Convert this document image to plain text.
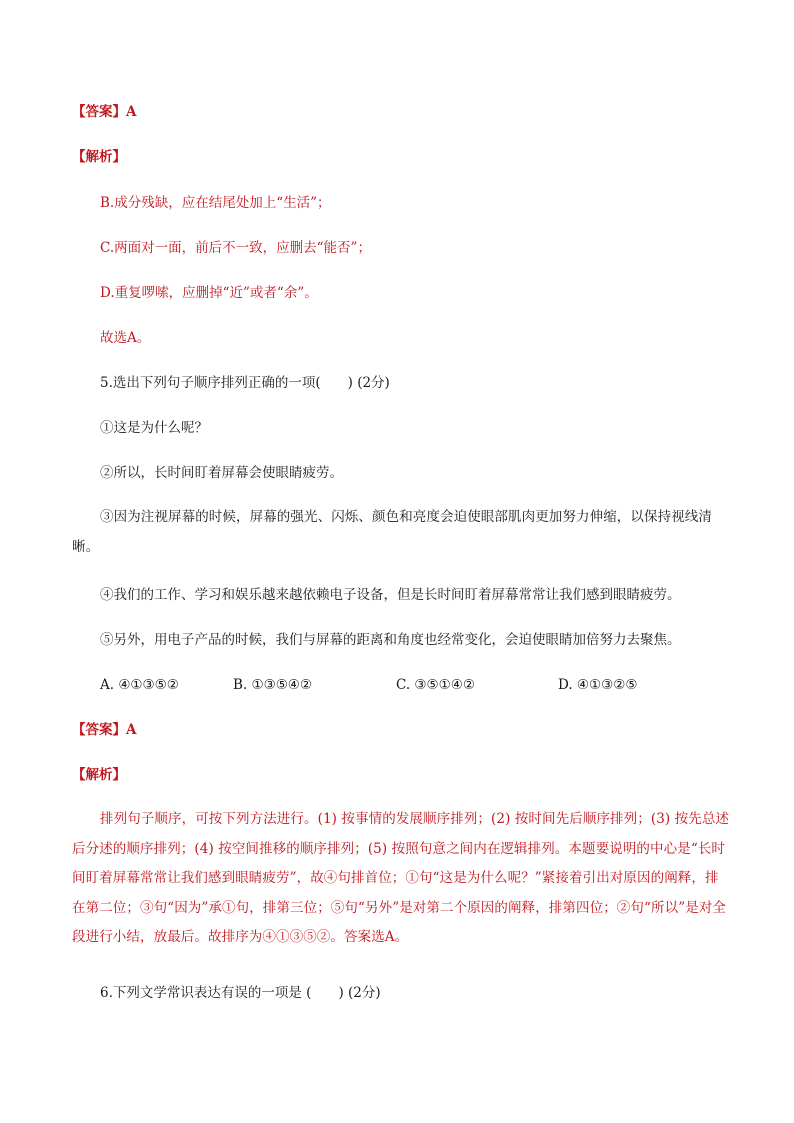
【答案】A
【解析】
B.成分残缺，应在结尾处加上“生活”；
C.两面对一面，前后不一致，应删去“能否”；
D.重复啰嗦，应删掉“近”或者“余”。
故选A。
5.选出下列句子顺序排列正确的一项(　　) (2分)
①这是为什么呢？
②所以，长时间盯着屏幕会使眼睛疲劳。
③因为注视屏幕的时候，屏幕的强光、闪烁、颜色和亮度会迫使眼部肌肉更加努力伸缩，以保持视线清晰。
④我们的工作、学习和娱乐越来越依赖电子设备，但是长时间盯着屏幕常常让我们感到眼睛疲劳。
⑤另外，用电子产品的时候，我们与屏幕的距离和角度也经常变化，会迫使眼睛加倍努力去聚焦。
A. ④①③⑤②	B. ①③⑤④②	C. ③⑤①④②	D. ④①③②⑤
【答案】A
【解析】
排列句子顺序，可按下列方法进行。(1) 按事情的发展顺序排列；(2) 按时间先后顺序排列；(3) 按先总述后分述的顺序排列；(4) 按空间推移的顺序排列；(5) 按照句意之间内在逻辑排列。本题要说明的中心是“长时间盯着屏幕常常让我们感到眼睛疲劳”，故④句排首位；①句“这是为什么呢？”紧接着引出对原因的阐释，排在第二位；③句“因为”承①句，排第三位；⑤句“另外”是对第二个原因的阐释，排第四位；②句“所以”是对全段进行小结，放最后。故排序为④①③⑤②。答案选A。
6.下列文学常识表达有误的一项是 (　　) (2分)
